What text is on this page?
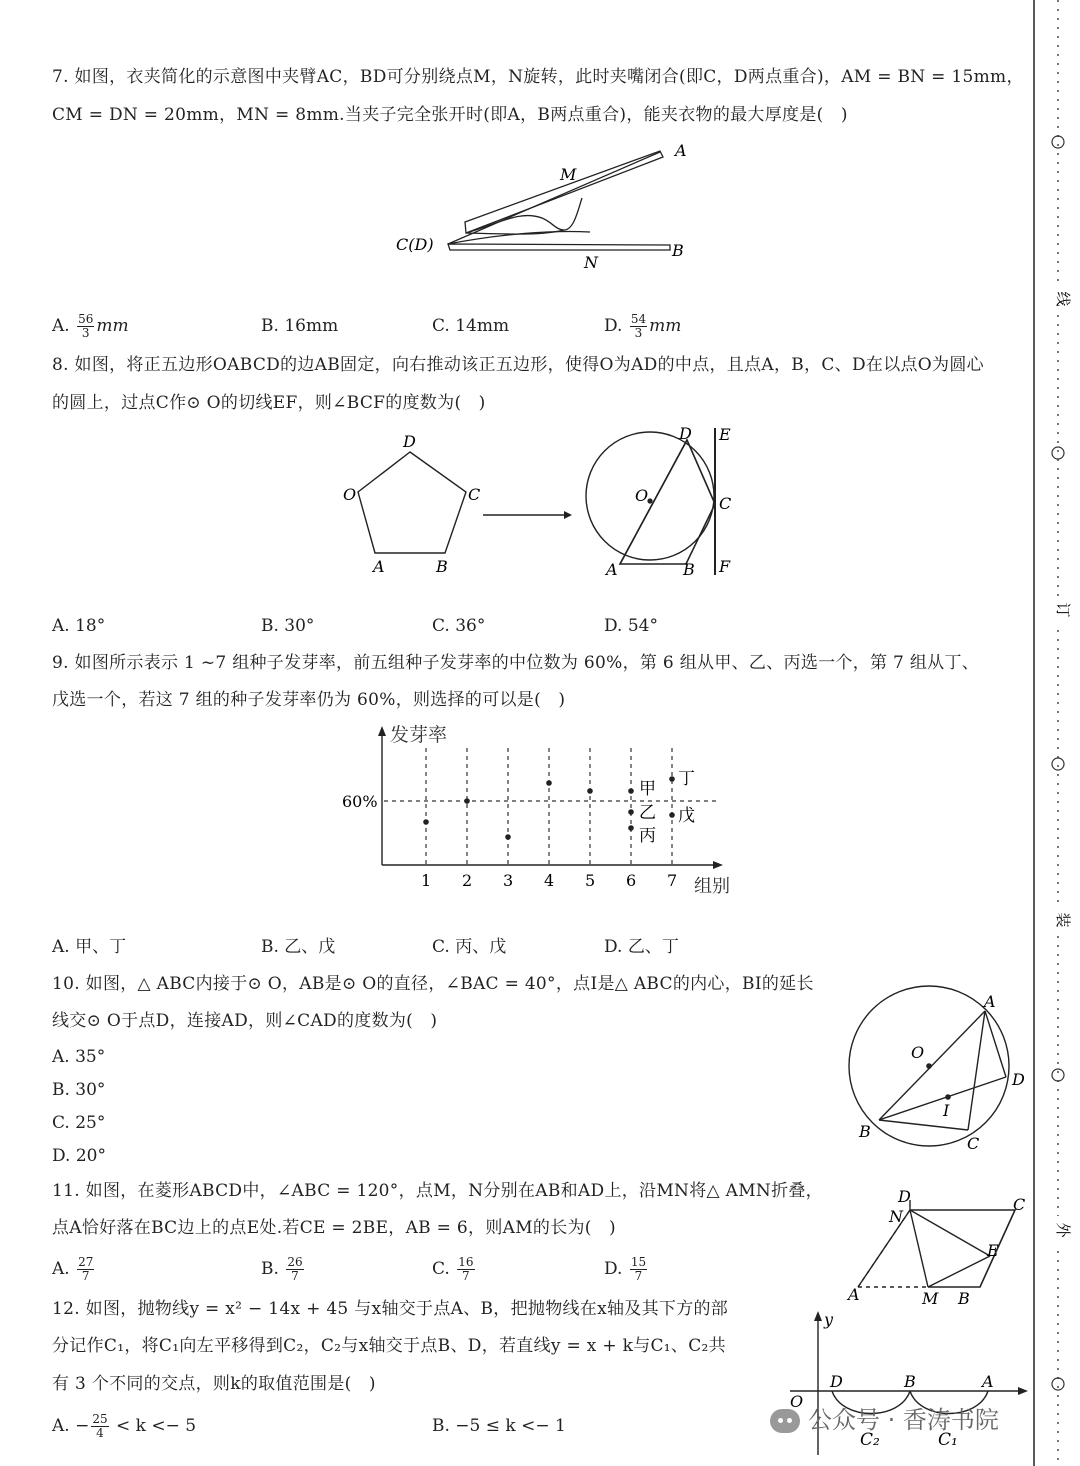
7. 如图，衣夹简化的示意图中夹臂AC，BD可分别绕点M，N旋转，此时夹嘴闭合(即C，D两点重合)，AM = BN = 15mm，
CM = DN = 20mm，MN = 8mm.当夹子完全张开时(即A，B两点重合)，能夹衣物的最大厚度是(　)
A
M
C(D)	B
N
A. $\frac{56}{3}$ mm	B. 16mm	C. 14mm	D. $\frac{54}{3}$ mm
8. 如图，将正五边形OABCD的边AB固定，向右推动该正五边形，使得O为AD的中点，且点A，B，C、D在以点O为圆心
的圆上，过点C作⊙ O的切线EF，则∠BCF的度数为(　)
D
O	C
A	B
D
O
E
C
A	B F
A. 18°	B. 30°	C. 36°	D. 54°
9. 如图所示表示 1 ~7 组种子发芽率，前五组种子发芽率的中位数为 60%，第 6 组从甲、乙、丙选一个，第 7 组从丁、
戊选一个，若这 7 组的种子发芽率仍为 60%，则选择的可以是(　)
发芽率
60%
1 2 3 4 5 6 7 组别
甲
乙
丙
丁
戊
A. 甲、丁	B. 乙、戊	C. 丙、戊	D. 乙、丁
10. 如图，△ ABC内接于⊙ O，AB是⊙ O的直径，∠BAC = 40°，点I是△ ABC的内心，BI的延长
线交⊙ O于点D，连接AD，则∠CAD的度数为(　)
A. 35°
B. 30°
C. 25°
D. 20°
A
O
D
I
B
C
11. 如图，在菱形ABCD中，∠ABC = 120°，点M，N分别在AB和AD上，沿MN将△ AMN折叠，
点A恰好落在BC边上的点E处.若CE = 2BE，AB = 6，则AM的长为(　)
D	C
N
E
A	M B
A. $\frac{27}{7}$	B. $\frac{26}{7}$	C. $\frac{16}{7}$	D. $\frac{15}{7}$
12. 如图，抛物线y = x² − 14x + 45 与x轴交于点A、B，把抛物线在x轴及其下方的部
分记作C₁，将C₁向左平移得到C₂，C₂与x轴交于点B、D，若直线y = x + k与C₁、C₂共
有 3 个不同的交点，则k的取值范围是(　)
A. − $\frac{25}{4} < k <- 5$	B. −5 ≤ k <− 1
y
O
D	B	A
C₂	C₁
公众号 · 香涛书院
线
订
装
外
